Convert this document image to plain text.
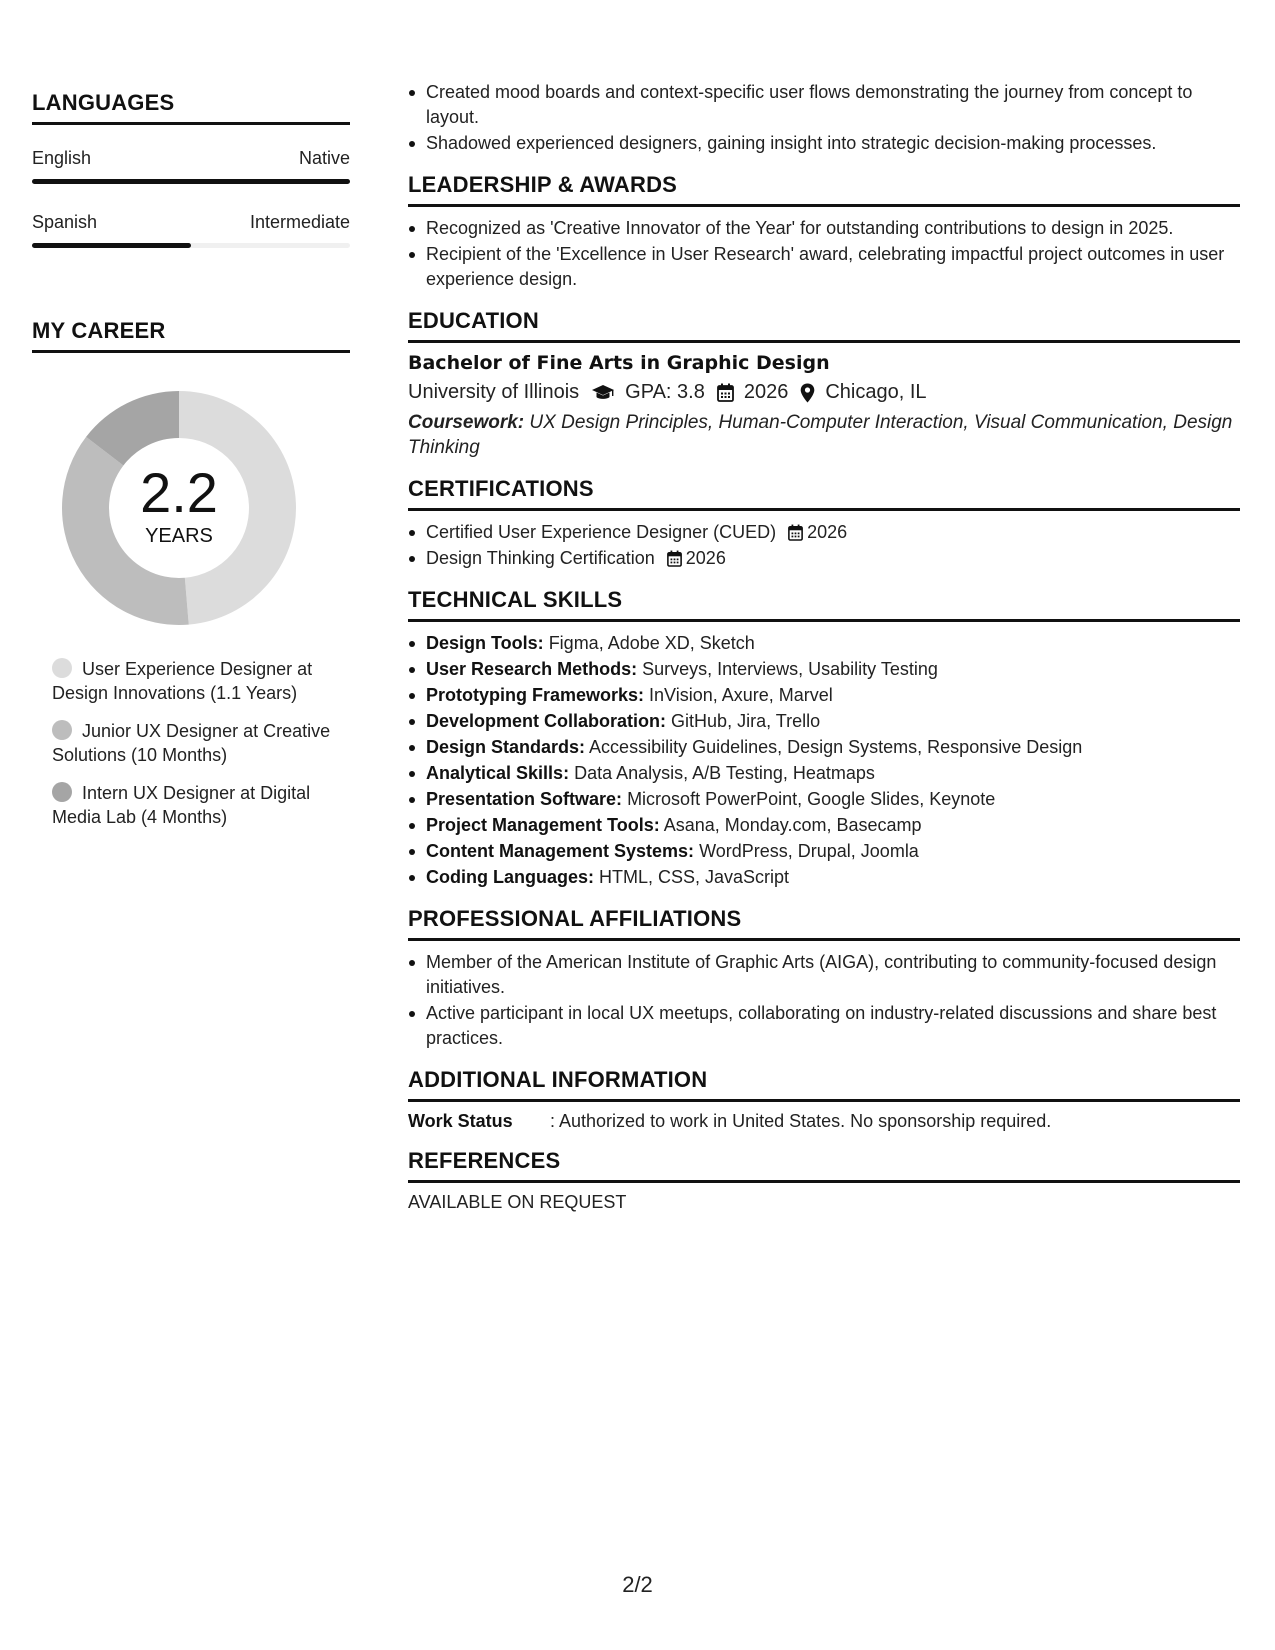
LANGUAGES
English	Native
Spanish	Intermediate
MY CAREER
2.2
YEARS
User Experience Designer at Design Innovations (1.1 Years)
Junior UX Designer at Creative Solutions (10 Months)
Intern UX Designer at Digital Media Lab (4 Months)
Created mood boards and context-specific user flows demonstrating the journey from concept to layout.
Shadowed experienced designers, gaining insight into strategic decision-making processes.
LEADERSHIP & AWARDS
Recognized as 'Creative Innovator of the Year' for outstanding contributions to design in 2025.
Recipient of the 'Excellence in User Research' award, celebrating impactful project outcomes in user experience design.
EDUCATION
Bachelor of Fine Arts in Graphic Design
University of Illinois GPA: 3.8 2026 Chicago, IL
Coursework: UX Design Principles, Human-Computer Interaction, Visual Communication, Design Thinking
CERTIFICATIONS
Certified User Experience Designer (CUED) 2026
Design Thinking Certification 2026
TECHNICAL SKILLS
Design Tools: Figma, Adobe XD, Sketch
User Research Methods: Surveys, Interviews, Usability Testing
Prototyping Frameworks: InVision, Axure, Marvel
Development Collaboration: GitHub, Jira, Trello
Design Standards: Accessibility Guidelines, Design Systems, Responsive Design
Analytical Skills: Data Analysis, A/B Testing, Heatmaps
Presentation Software: Microsoft PowerPoint, Google Slides, Keynote
Project Management Tools: Asana, Monday.com, Basecamp
Content Management Systems: WordPress, Drupal, Joomla
Coding Languages: HTML, CSS, JavaScript
PROFESSIONAL AFFILIATIONS
Member of the American Institute of Graphic Arts (AIGA), contributing to community-focused design initiatives.
Active participant in local UX meetups, collaborating on industry-related discussions and share best practices.
ADDITIONAL INFORMATION
Work Status	: Authorized to work in United States. No sponsorship required.
REFERENCES
AVAILABLE ON REQUEST
2/2
